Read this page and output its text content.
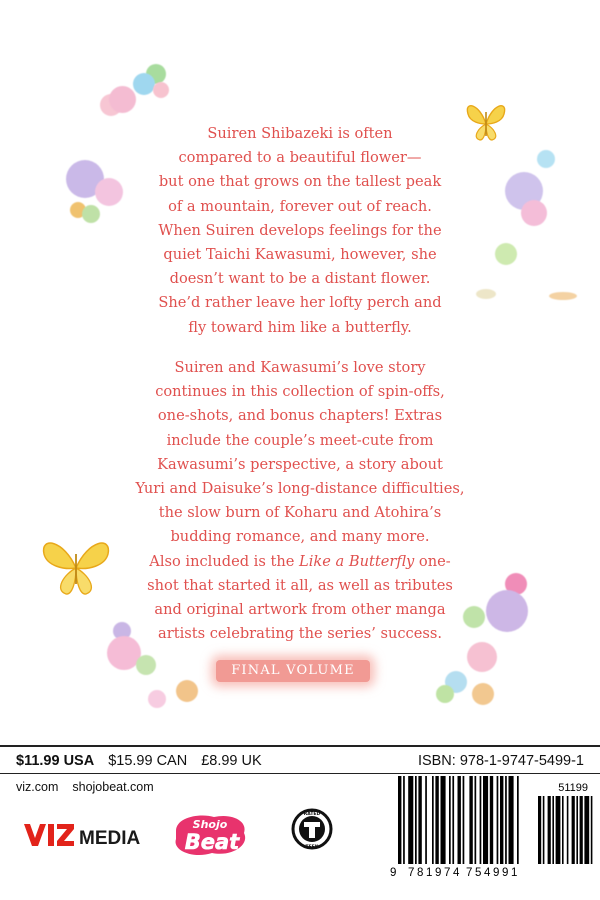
Suiren Shibazeki is often

compared to a beautiful flower—

but one that grows on the tallest peak

of a mountain, forever out of reach.

When Suiren develops feelings for the

quiet Taichi Kawasumi, however, she

doesn’t want to be a distant flower.

She’d rather leave her lofty perch and

fly toward him like a butterfly.

Suiren and Kawasumi’s love story

continues in this collection of spin-offs,

one-shots, and bonus chapters! Extras

include the couple’s meet-cute from

Kawasumi’s perspective, a story about

Yuri and Daisuke’s long-distance difficulties,

the slow burn of Koharu and Atohira’s

budding romance, and many more.

Also included is the Like a Butterfly one-

shot that started it all, as well as tributes

and original artwork from other manga

artists celebrating the series’ success.

FINAL VOLUME
$11.99 USA $15.99 CAN £8.99 UK	ISBN: 978-1-9747-5499-1
viz.com shojobeat.com
MEDIA
Shojo
Beat
RATED
TEEN
51199
9 781974 754991
